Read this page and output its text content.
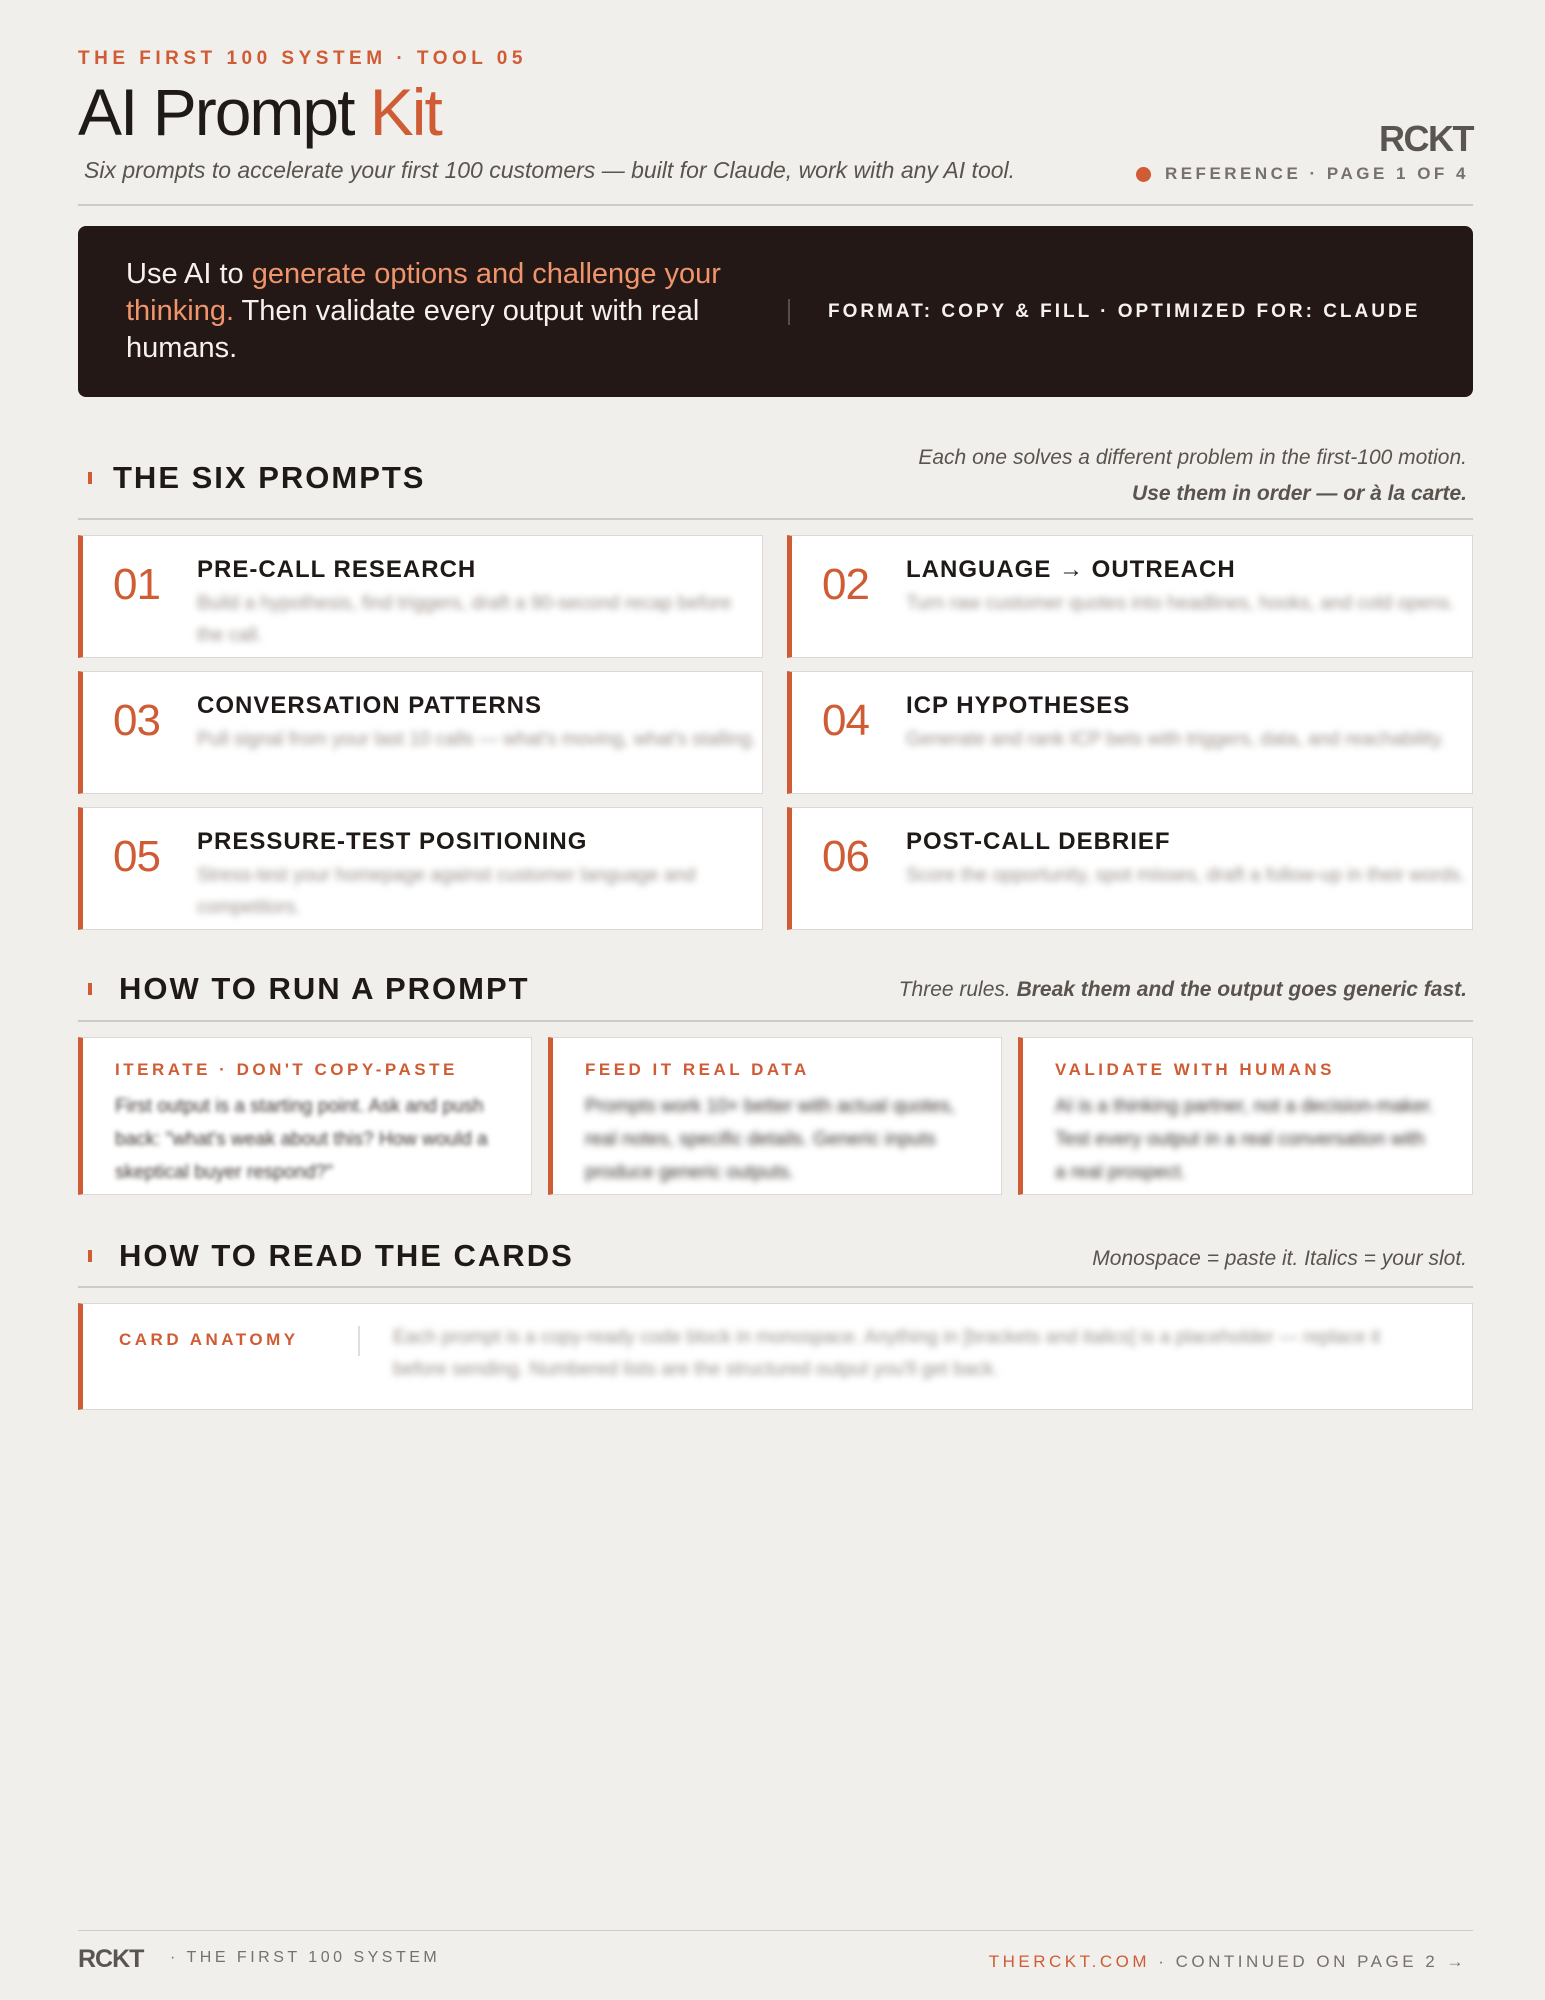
THE FIRST 100 SYSTEM · TOOL 05
AI Prompt Kit
Six prompts to accelerate your first 100 customers — built for Claude, work with any AI tool.
RCKT
REFERENCE · PAGE 1 OF 4
Use AI to generate options and challenge your thinking. Then validate every output with real humans.
FORMAT: COPY & FILL · OPTIMIZED FOR: CLAUDE
THE SIX PROMPTS
Each one solves a different problem in the first-100 motion.
Use them in order — or à la carte.
01 PRE-CALL RESEARCH
Build a hypothesis, find triggers, draft a 90-second recap before the call.
02 LANGUAGE → OUTREACH
Turn raw customer quotes into headlines, hooks, and cold opens.
03 CONVERSATION PATTERNS
Pull signal from your last 10 calls — what's moving, what's stalling. 04 ICP HYPOTHESES
Generate and rank ICP bets with triggers, data, and reachability.
05 PRESSURE-TEST POSITIONING
Stress-test your homepage against customer language and competitors.
06 POST-CALL DEBRIEF
Score the opportunity, spot misses, draft a follow-up in their words.
HOW TO RUN A PROMPT	Three rules. Break them and the output goes generic fast.
ITERATE · DON'T COPY-PASTE
First output is a starting point. Ask and push back: "what's weak about this? How would a skeptical buyer respond?"
FEED IT REAL DATA
Prompts work 10× better with actual quotes, real notes, specific details. Generic inputs produce generic outputs.
VALIDATE WITH HUMANS
AI is a thinking partner, not a decision-maker. Test every output in a real conversation with a real prospect.
HOW TO READ THE CARDS	Monospace = paste it. Italics = your slot.
CARD ANATOMY	Each prompt is a copy-ready code block in monospace. Anything in [brackets and italics] is a placeholder — replace it before sending. Numbered lists are the structured output you'll get back.
RCKT · THE FIRST 100 SYSTEM	THERCKT.COM · CONTINUED ON PAGE 2 →
